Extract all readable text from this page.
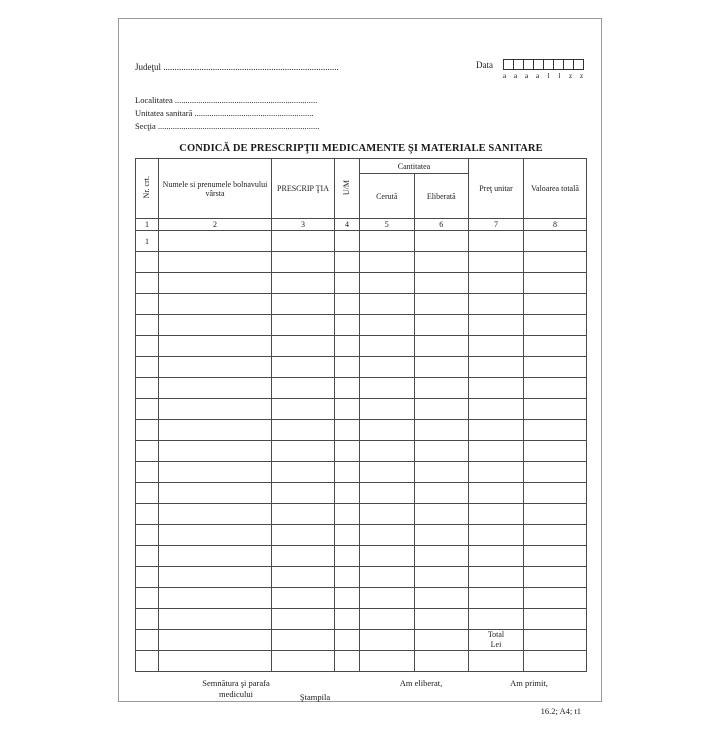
Judeţul ..............................................................................
Localitatea ...................................................................
Unitatea sanitară ........................................................
Secţia ............................................................................
Data
a	a	a	a	l	l	z	z
CONDICĂ DE PRESCRIPŢII MEDICAMENTE ŞI MATERIALE SANITARE
Nr. crt.	Numele si prenumele bolnavului vârsta	PRESCRIP ŢIA	U/M	Cantitatea		Preţ unitar	Valoarea totală
				Cerută	Eliberată		
1	2	3	4	5	6	7	8
1							

						Total
Lei	

Semnătura şi parafa
medicului	Ştampila
Am eliberat,	Am primit,
16.2; A4; t1
